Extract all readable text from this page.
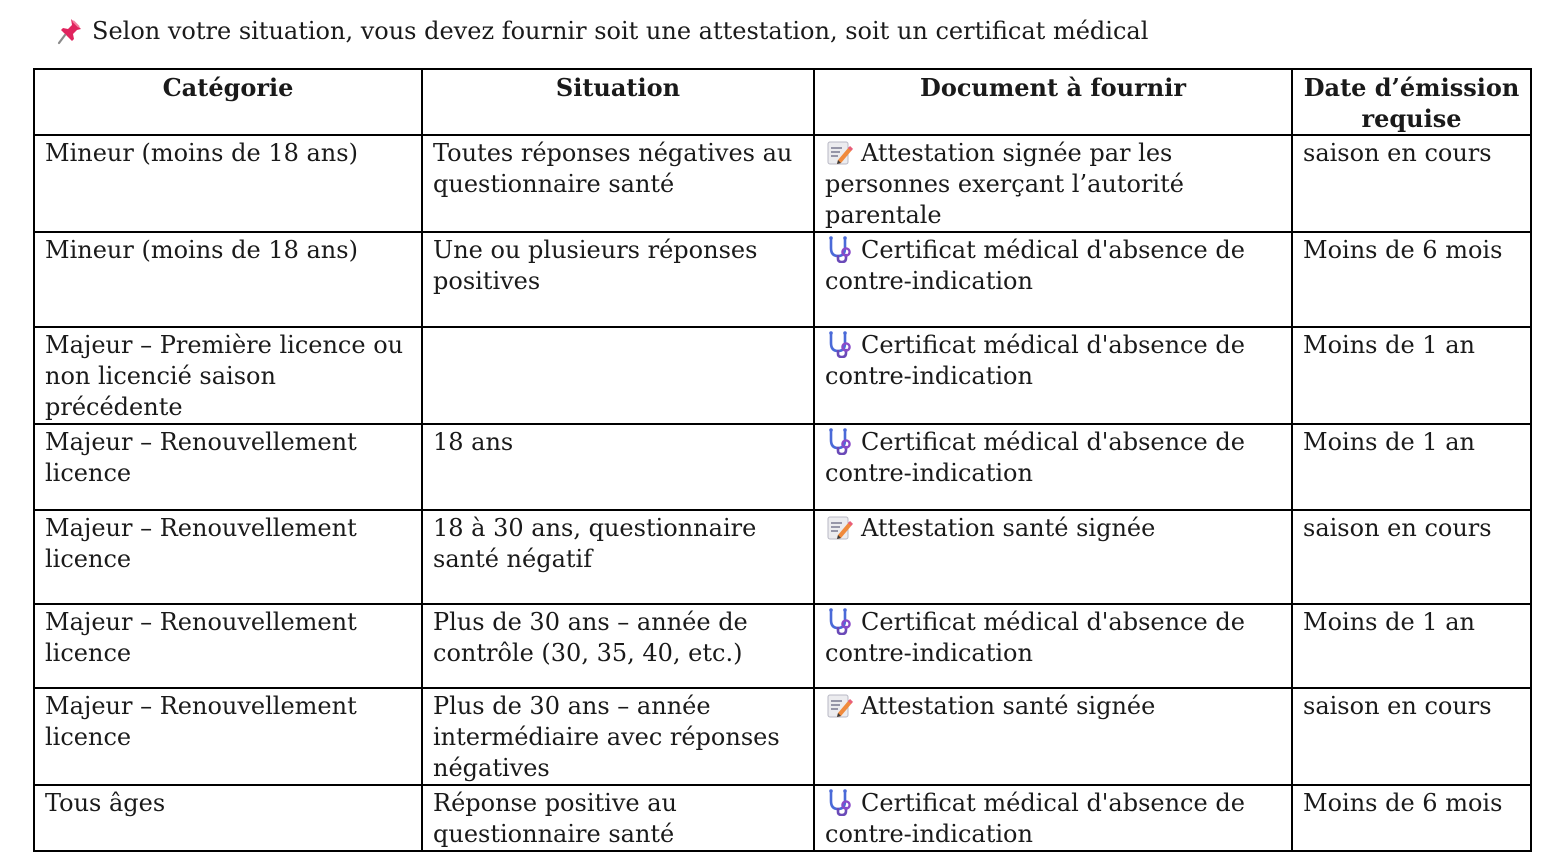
Selon votre situation, vous devez fournir soit une attestation, soit un certificat médical
Catégorie	Situation	Document à fournir	Date d’émission requise
Mineur (moins de 18 ans)	Toutes réponses négatives au questionnaire santé	Attestation signée par les personnes exerçant l’autorité parentale	saison en cours
Mineur (moins de 18 ans)	Une ou plusieurs réponses positives	Certificat médical d'absence de contre-indication	Moins de 6 mois
Majeur – Première licence ou non licencié saison précédente		Certificat médical d'absence de contre-indication	Moins de 1 an
Majeur – Renouvellement licence	18 ans	Certificat médical d'absence de contre-indication	Moins de 1 an
Majeur – Renouvellement licence	18 à 30 ans, questionnaire santé négatif	Attestation santé signée	saison en cours
Majeur – Renouvellement licence	Plus de 30 ans – année de contrôle (30, 35, 40, etc.)	Certificat médical d'absence de contre-indication	Moins de 1 an
Majeur – Renouvellement licence	Plus de 30 ans – année intermédiaire avec réponses négatives	Attestation santé signée	saison en cours
Tous âges	Réponse positive au questionnaire santé	Certificat médical d'absence de contre-indication	Moins de 6 mois
